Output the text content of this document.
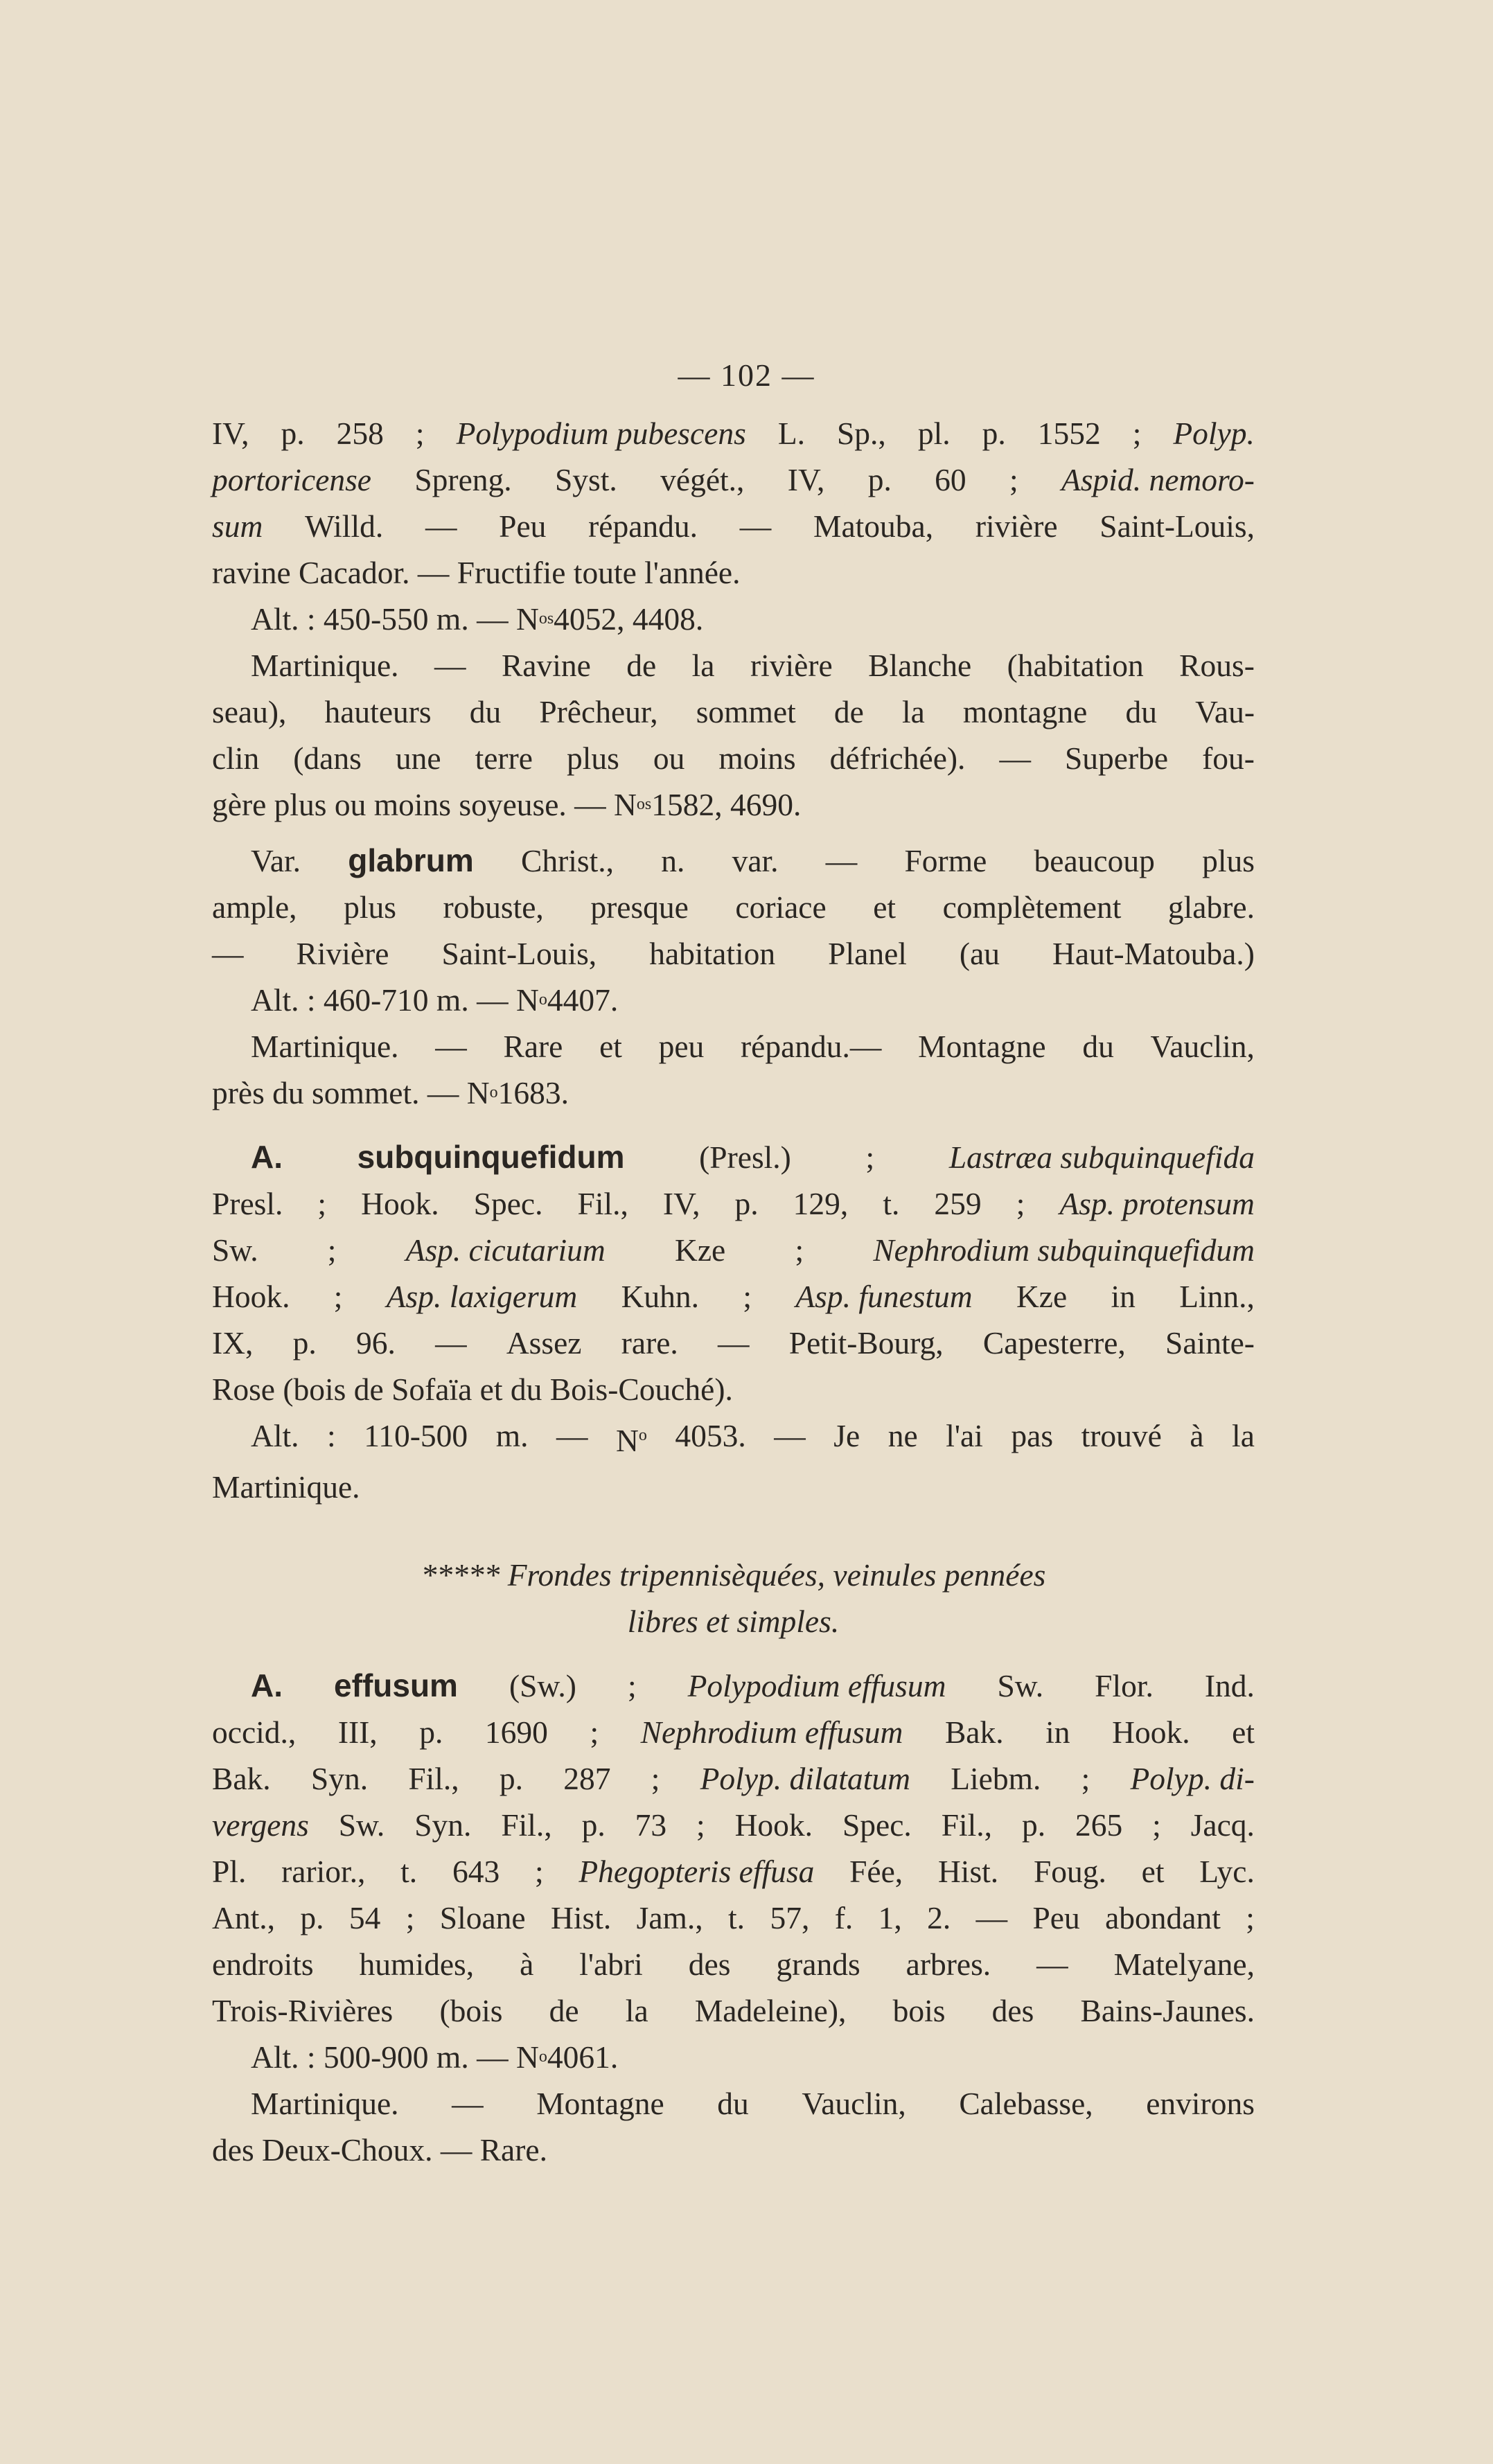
— 102 —
IV, p. 258 ; Polypodium pubescens L. Sp., pl. p. 1552 ; Polyp.
portoricense Spreng. Syst. végét., IV, p. 60 ; Aspid. nemoro-
sum Willd. — Peu répandu. — Matouba, rivière Saint-Louis,
ravine Cacador. — Fructifie toute l'année.
Alt. : 450-550 m. — N os 4052, 4408.
Martinique. — Ravine de la rivière Blanche (habitation Rous-
seau), hauteurs du Prêcheur, sommet de la montagne du Vau-
clin (dans une terre plus ou moins défrichée). — Superbe fou-
gère plus ou moins soyeuse. — N os 1582, 4690.
Var. glabrum Christ., n. var. — Forme beaucoup plus
ample, plus robuste, presque coriace et complètement glabre.
— Rivière Saint-Louis, habitation Planel (au Haut-Matouba.)
Alt. : 460-710 m. — N o 4407.
Martinique. — Rare et peu répandu.— Montagne du Vauclin,
près du sommet. — N o 1683.
A. subquinquefidum (Presl.) ; Lastræa subquinquefida
Presl. ; Hook. Spec. Fil., IV, p. 129, t. 259 ; Asp. protensum
Sw. ; Asp. cicutarium Kze ; Nephrodium subquinquefidum
Hook. ; Asp. laxigerum Kuhn. ; Asp. funestum Kze in Linn.,
IX, p. 96. — Assez rare. — Petit-Bourg, Capesterre, Sainte-
Rose (bois de Sofaïa et du Bois-Couché).
Alt. : 110-500 m. — $N^o$ 4053. — Je ne l'ai pas trouvé à la
Martinique.
***** Frondes tripennisèquées, veinules pennées
libres et simples.
A. effusum (Sw.) ; Polypodium effusum Sw. Flor. Ind.
occid., III, p. 1690 ; Nephrodium effusum Bak. in Hook. et
Bak. Syn. Fil., p. 287 ; Polyp. dilatatum Liebm. ; Polyp. di-
vergens Sw. Syn. Fil., p. 73 ; Hook. Spec. Fil., p. 265 ; Jacq.
Pl. rarior., t. 643 ; Phegopteris effusa Fée, Hist. Foug. et Lyc.
Ant., p. 54 ; Sloane Hist. Jam., t. 57, f. 1, 2. — Peu abondant ;
endroits humides, à l'abri des grands arbres. — Matelyane,
Trois-Rivières (bois de la Madeleine), bois des Bains-Jaunes.
Alt. : 500-900 m. — N o 4061.
Martinique. — Montagne du Vauclin, Calebasse, environs
des Deux-Choux. — Rare.
